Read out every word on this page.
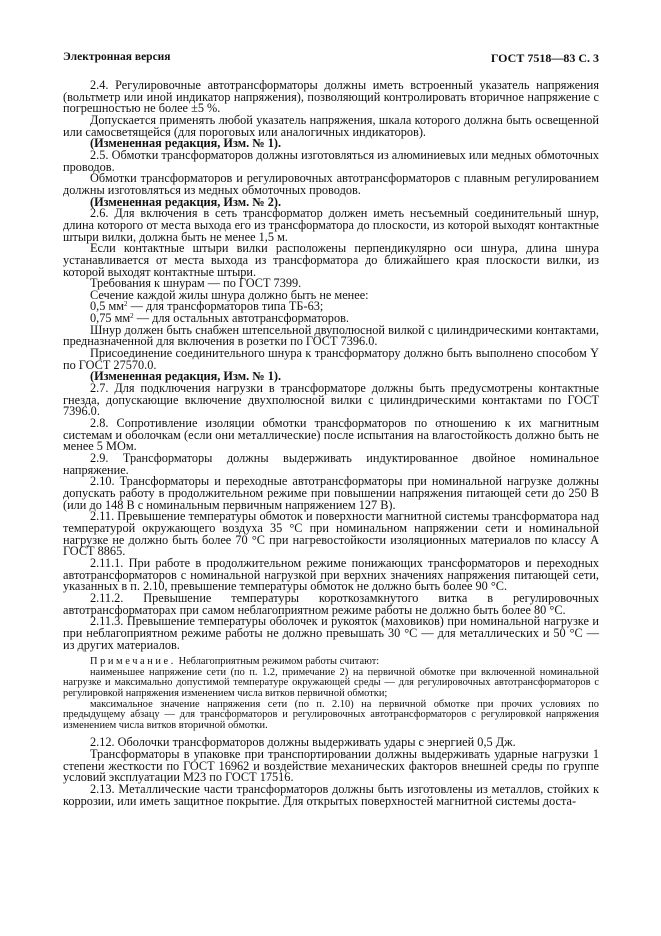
Электронная версия	ГОСТ 7518—83 С. 3

2.4. Регулировочные автотрансформаторы должны иметь встроенный указатель напряжения (вольтметр или иной индикатор напряжения), позволяющий контролировать вторичное напряжение с погрешностью не более ±5 %.

Допускается применять любой указатель напряжения, шкала которого должна быть освещенной или самосветящейся (для пороговых или аналогичных индикаторов).

(Измененная редакция, Изм. № 1).

2.5. Обмотки трансформаторов должны изготовляться из алюминиевых или медных обмоточных проводов.

Обмотки трансформаторов и регулировочных автотрансформаторов с плавным регулированием должны изготовляться из медных обмоточных проводов.

(Измененная редакция, Изм. № 2).

2.6. Для включения в сеть трансформатор должен иметь несъемный соединительный шнур, длина которого от места выхода его из трансформатора до плоскости, из которой выходят контактные штыри вилки, должна быть не менее 1,5 м.

Если контактные штыри вилки расположены перпендикулярно оси шнура, длина шнура устанавливается от места выхода из трансформатора до ближайшего края плоскости вилки, из которой выходят контактные штыри.

Требования к шнурам — по ГОСТ 7399.

Сечение каждой жилы шнура должно быть не менее:

0,5 $мм^2$ — для трансформаторов типа ТБ-63;

0,75 $мм^2$ — для остальных автотрансформаторов.

Шнур должен быть снабжен штепсельной двуполюсной вилкой с цилиндрическими контактами, предназначенной для включения в розетки по ГОСТ 7396.0.

Присоединение соединительного шнура к трансформатору должно быть выполнено способом Y по ГОСТ 27570.0.

(Измененная редакция, Изм. № 1).

2.7. Для подключения нагрузки в трансформаторе должны быть предусмотрены контактные гнезда, допускающие включение двухполюсной вилки с цилиндрическими контактами по ГОСТ 7396.0.

2.8. Сопротивление изоляции обмотки трансформаторов по отношению к их магнитным системам и оболочкам (если они металлические) после испытания на влагостойкость должно быть не менее 5 МОм.

2.9. Трансформаторы должны выдерживать индуктированное двойное номинальное напряжение.

2.10. Трансформаторы и переходные автотрансформаторы при номинальной нагрузке должны допускать работу в продолжительном режиме при повышении напряжения питающей сети до 250 В (или до 148 В с номинальным первичным напряжением 127 В).

2.11. Превышение температуры обмоток и поверхности магнитной системы трансформатора над температурой окружающего воздуха 35 °С при номинальном напряжении сети и номинальной нагрузке не должно быть более 70 °С при нагревостойкости изоляционных материалов по классу А ГОСТ 8865.

2.11.1. При работе в продолжительном режиме понижающих трансформаторов и переходных автотрансформаторов с номинальной нагрузкой при верхних значениях напряжения питающей сети, указанных в п. 2.10, превышение температуры обмоток не должно быть более 90 °С.

2.11.2. Превышение температуры короткозамкнутого витка в регулировочных автотрансформаторах при самом неблагоприятном режиме работы не должно быть более 80 °С.

2.11.3. Превышение температуры оболочек и рукояток (маховиков) при номинальной нагрузке и при неблагоприятном режиме работы не должно превышать 30 °С — для металлических и 50 °С — из других материалов.

Примечание. Неблагоприятным режимом работы считают:

наименьшее напряжение сети (по п. 1.2, примечание 2) на первичной обмотке при включенной номинальной нагрузке и максимально допустимой температуре окружающей среды — для регулировочных автотрансформаторов с регулировкой напряжения изменением числа витков первичной обмотки;

максимальное значение напряжения сети (по п. 2.10) на первичной обмотке при прочих условиях по предыдущему абзацу — для трансформаторов и регулировочных автотрансформаторов с регулировкой напряжения изменением числа витков вторичной обмотки.

2.12. Оболочки трансформаторов должны выдерживать удары с энергией 0,5 Дж.

Трансформаторы в упаковке при транспортировании должны выдерживать ударные нагрузки 1 степени жесткости по ГОСТ 16962 и воздействие механических факторов внешней среды по группе условий эксплуатации М23 по ГОСТ 17516.

2.13. Металлические части трансформаторов должны быть изготовлены из металлов, стойких к коррозии, или иметь защитное покрытие. Для открытых поверхностей магнитной системы доста-
